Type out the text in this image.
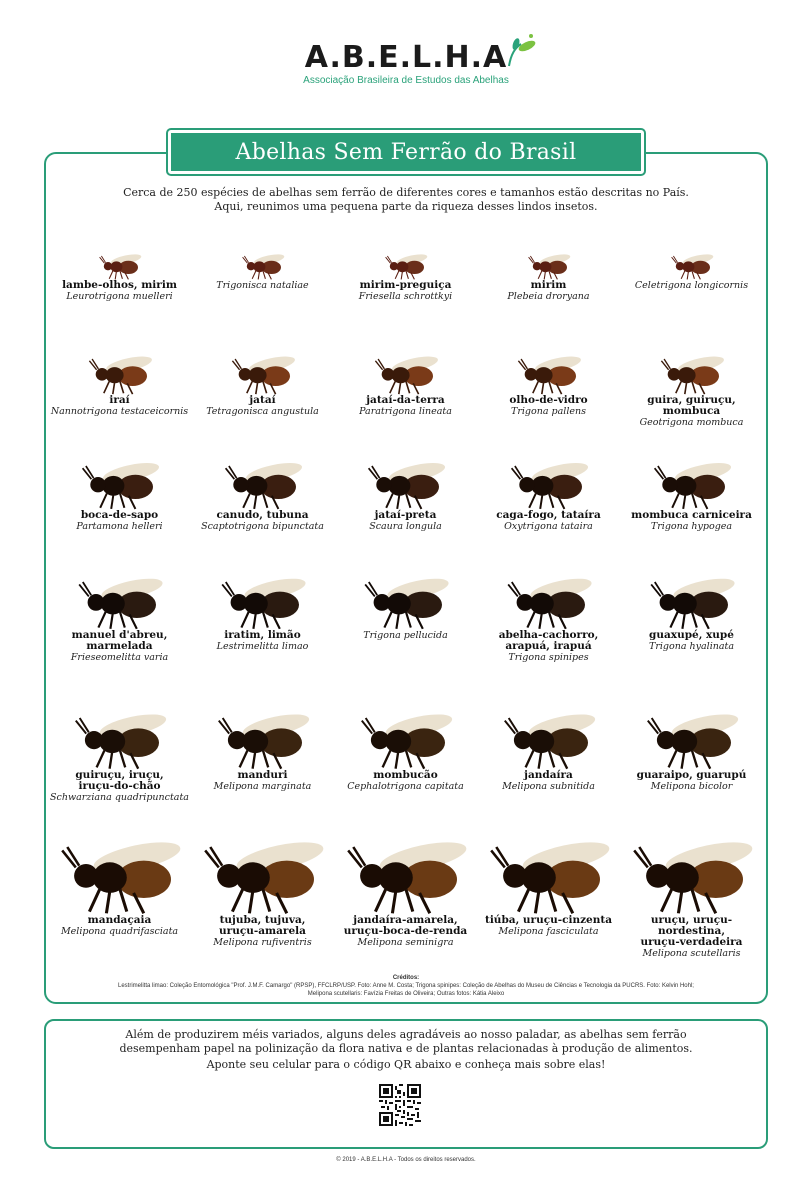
A.B.E.L.H.A
Associação Brasileira de Estudos das Abelhas
Abelhas Sem Ferrão do Brasil
Cerca de 250 espécies de abelhas sem ferrão de diferentes cores e tamanhos estão descritas no País.
Aqui, reunimos uma pequena parte da riqueza desses lindos insetos.
lambe-olhos, mirim
Leurotrigona muelleri
Trigonisca nataliae	mirim-preguiça
Friesella schrottkyi
mirim
Plebeia droryana
Celetrigona longicornis
iraí
Nannotrigona testaceicornis
jataí
Tetragonisca angustula
jataí-da-terra
Paratrigona lineata
olho-de-vidro
Trigona pallens
guira, guiruçu, mombuca
Geotrigona mombuca
boca-de-sapo
Partamona helleri
canudo, tubuna
Scaptotrigona bipunctata
jataí-preta
Scaura longula
caga-fogo, tataíra
Oxytrigona tataira
mombuca carniceira
Trigona hypogea
manuel d'abreu,
marmelada
Frieseomelitta varia
iratim, limão
Lestrimelitta limao
Trigona pellucida	abelha-cachorro,
arapuá, irapuá
Trigona spinipes
guaxupé, xupé
Trigona hyalinata
guiruçu, iruçu,
iruçu-do-chão
Schwarziana quadripunctata
manduri
Melipona marginata
mombucão
Cephalotrigona capitata
jandaíra
Melipona subnitida
guaraipo, guarupú
Melipona bicolor
mandaçaia
Melipona quadrifasciata
tujuba, tujuva,
uruçu-amarela
Melipona rufiventris
jandaíra-amarela,
uruçu-boca-de-renda
Melipona seminigra
tiúba, uruçu-cinzenta
Melipona fasciculata
uruçu, uruçu-nordestina,
uruçu-verdadeira
Melipona scutellaris
Créditos:
Lestrimelitta limao: Coleção Entomológica "Prof. J.M.F. Camargo" (RPSP), FFCLRP/USP. Foto: Anne M. Costa; Trigona spinipes: Coleção de Abelhas do Museu de Ciências e Tecnologia da PUCRS. Foto: Kelvin Hohl;
Melipona scutellaris: Favízia Freitas de Oliveira; Outras fotos: Kátia Aleixo
Além de produzirem méis variados, alguns deles agradáveis ao nosso paladar, as abelhas sem ferrão
desempenham papel na polinização da flora nativa e de plantas relacionadas à produção de alimentos.
Aponte seu celular para o código QR abaixo e conheça mais sobre elas!
© 2019 - A.B.E.L.H.A - Todos os direitos reservados.
